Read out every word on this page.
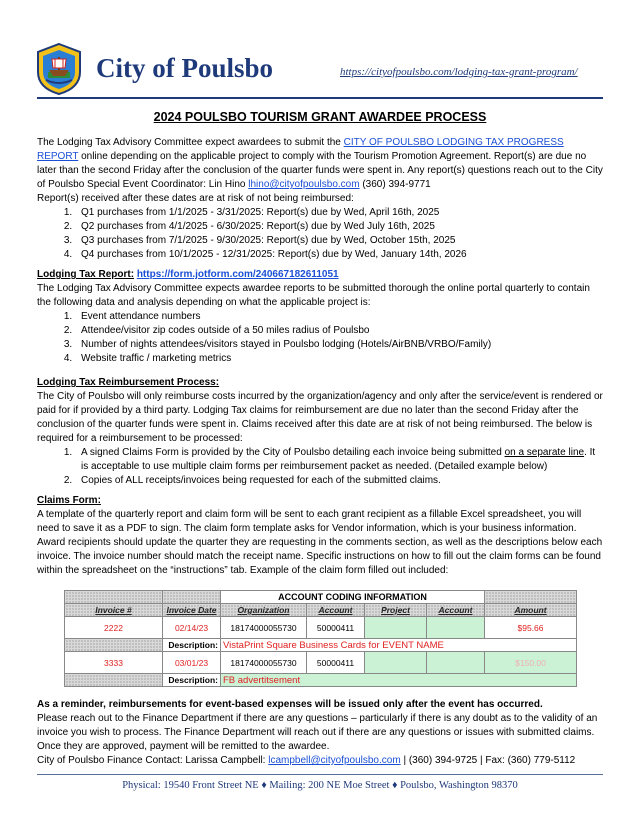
City of Poulsbo	https://cityofpoulsbo.com/lodging-tax-grant-program/
2024 POULSBO TOURISM GRANT AWARDEE PROCESS

The Lodging Tax Advisory Committee expect awardees to submit the CITY OF POULSBO LODGING TAX PROGRESS REPORT online depending on the applicable project to comply with the Tourism Promotion Agreement. Report(s) are due no later than the second Friday after the conclusion of the quarter funds were spent in. Any report(s) questions reach out to the City of Poulsbo Special Event Coordinator: Lin Hino lhino@cityofpoulsbo.com (360) 394-9771

Report(s) received after these dates are at risk of not being reimbursed:

1. Q1 purchases from 1/1/2025 - 3/31/2025: Report(s) due by Wed, April 16th, 2025
2. Q2 purchases from 4/1/2025 - 6/30/2025: Report(s) due by Wed July 16th, 2025
3. Q3 purchases from 7/1/2025 - 9/30/2025: Report(s) due by Wed, October 15th, 2025
4. Q4 purchases from 10/1/2025 - 12/31/2025: Report(s) due by Wed, January 14th, 2026

Lodging Tax Report: https://form.jotform.com/240667182611051

The Lodging Tax Advisory Committee expects awardee reports to be submitted thorough the online portal quarterly to contain the following data and analysis depending on what the applicable project is:

1. Event attendance numbers
2. Attendee/visitor zip codes outside of a 50 miles radius of Poulsbo
3. Number of nights attendees/visitors stayed in Poulsbo lodging (Hotels/AirBNB/VRBO/Family)
4. Website traffic / marketing metrics

Lodging Tax Reimbursement Process:

The City of Poulsbo will only reimburse costs incurred by the organization/agency and only after the service/event is rendered or paid for if provided by a third party. Lodging Tax claims for reimbursement are due no later than the second Friday after the conclusion of the quarter funds were spent in. Claims received after this date are at risk of not being reimbursed. The below is required for a reimbursement to be processed:

1. A signed Claims Form is provided by the City of Poulsbo detailing each invoice being submitted on a separate line. It is acceptable to use multiple claim forms per reimbursement packet as needed. (Detailed example below)
2. Copies of ALL receipts/invoices being requested for each of the submitted claims.

Claims Form:

A template of the quarterly report and claim form will be sent to each grant recipient as a fillable Excel spreadsheet, you will need to save it as a PDF to sign. The claim form template asks for Vendor information, which is your business information. Award recipients should update the quarter they are requesting in the comments section, as well as the descriptions below each invoice. The invoice number should match the receipt name. Specific instructions on how to fill out the claim forms can be found within the spreadsheet on the “instructions” tab. Example of the claim form filled out included:

		ACCOUNT CODING INFORMATION				
Invoice #	Invoice Date	Organization	Account	Project	Account	Amount
2222	02/14/23	18174000055730	50000411			$95.66
	Description:	VistaPrint Square Business Cards for EVENT NAME				
3333	03/01/23	18174000055730	50000411			$150.00
	Description:	FB advertitsement				

As a reminder, reimbursements for event-based expenses will be issued only after the event has occurred.

Please reach out to the Finance Department if there are any questions – particularly if there is any doubt as to the validity of an invoice you wish to process. The Finance Department will reach out if there are any questions or issues with submitted claims. Once they are approved, payment will be remitted to the awardee.

City of Poulsbo Finance Contact: Larissa Campbell: lcampbell@cityofpoulsbo.com | (360) 394-9725 | Fax: (360) 779-5112

Physical: 19540 Front Street NE ♦ Mailing: 200 NE Moe Street ♦ Poulsbo, Washington 98370
